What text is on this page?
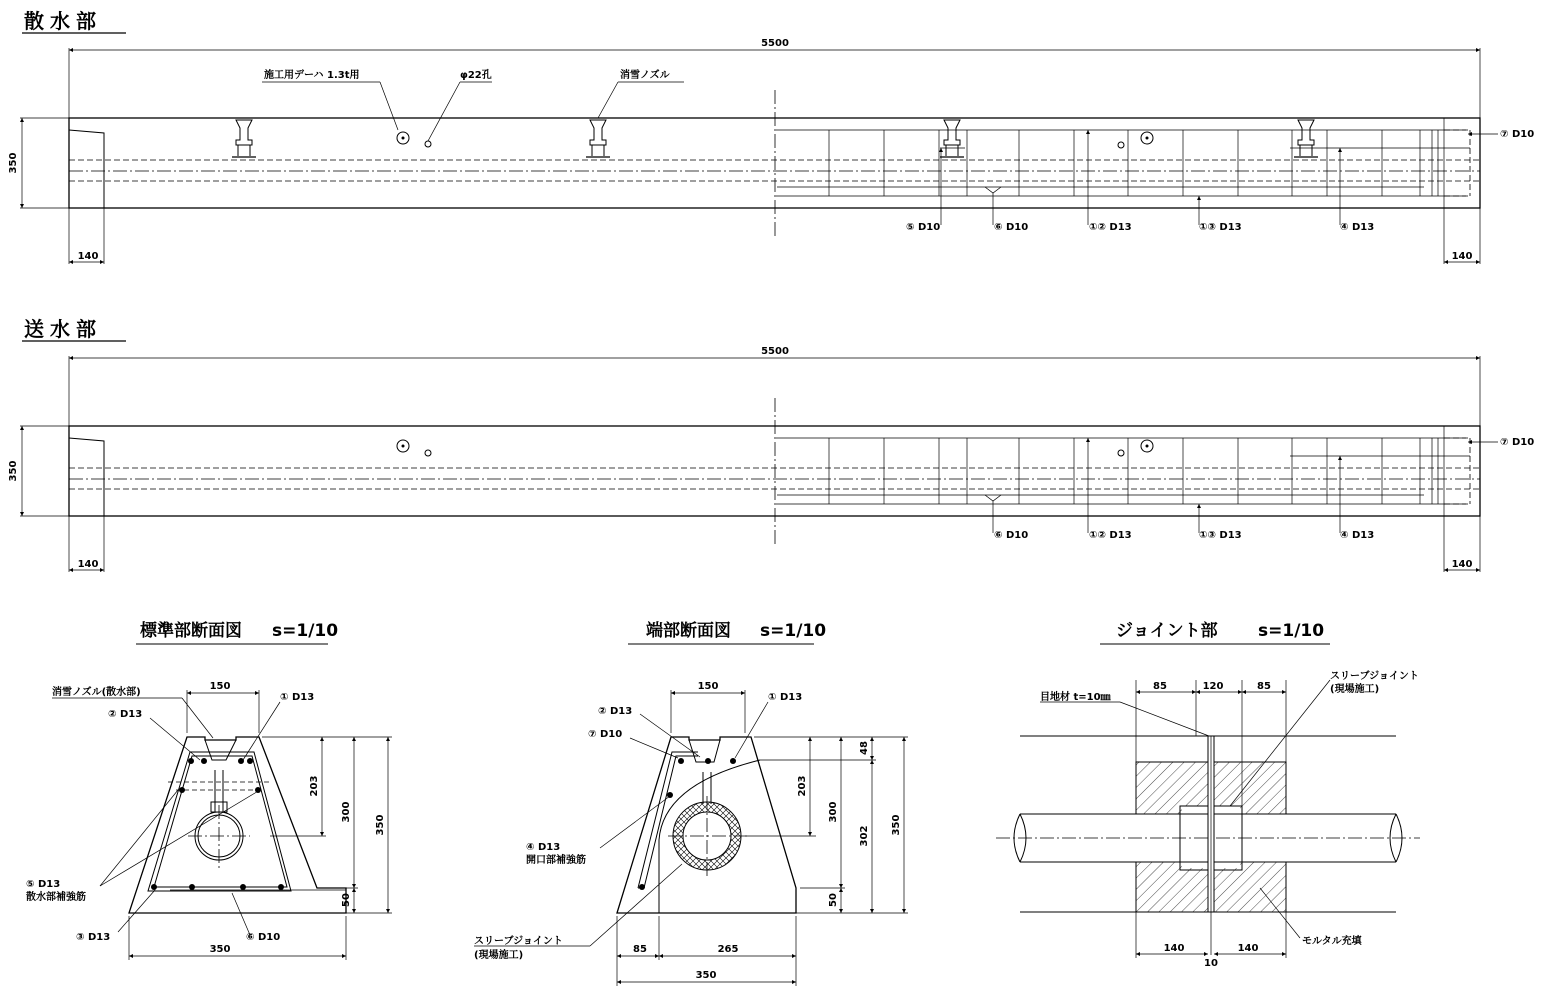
散水部
5500
350
⑦ D10
⑤ D10	⑥ D10	①② D13	①③ D13	④ D13
施工用デーハ 1.3t用	φ22孔	消雪ノズル
140	140
送水部
5500
350
⑦ D10
⑥ D10	①② D13	①③ D13	④ D13
140	140
標準部断面図 s=1/10
150
350
203
300
50
350
消雪ノズル(散水部)	① D13
② D13
⑤ D13
散水部補強筋
③ D13	⑥ D10
端部断面図 s=1/10
150
85	265
350
203
300
50
48
302
350
② D13
① D13
⑦ D10
④ D13
開口部補強筋
スリーブジョイント
(現場施工)
ジョイント部 s=1/10
85	120	85
140	140
10
目地材 t=10㎜
スリーブジョイント
(現場施工)
モルタル充填
